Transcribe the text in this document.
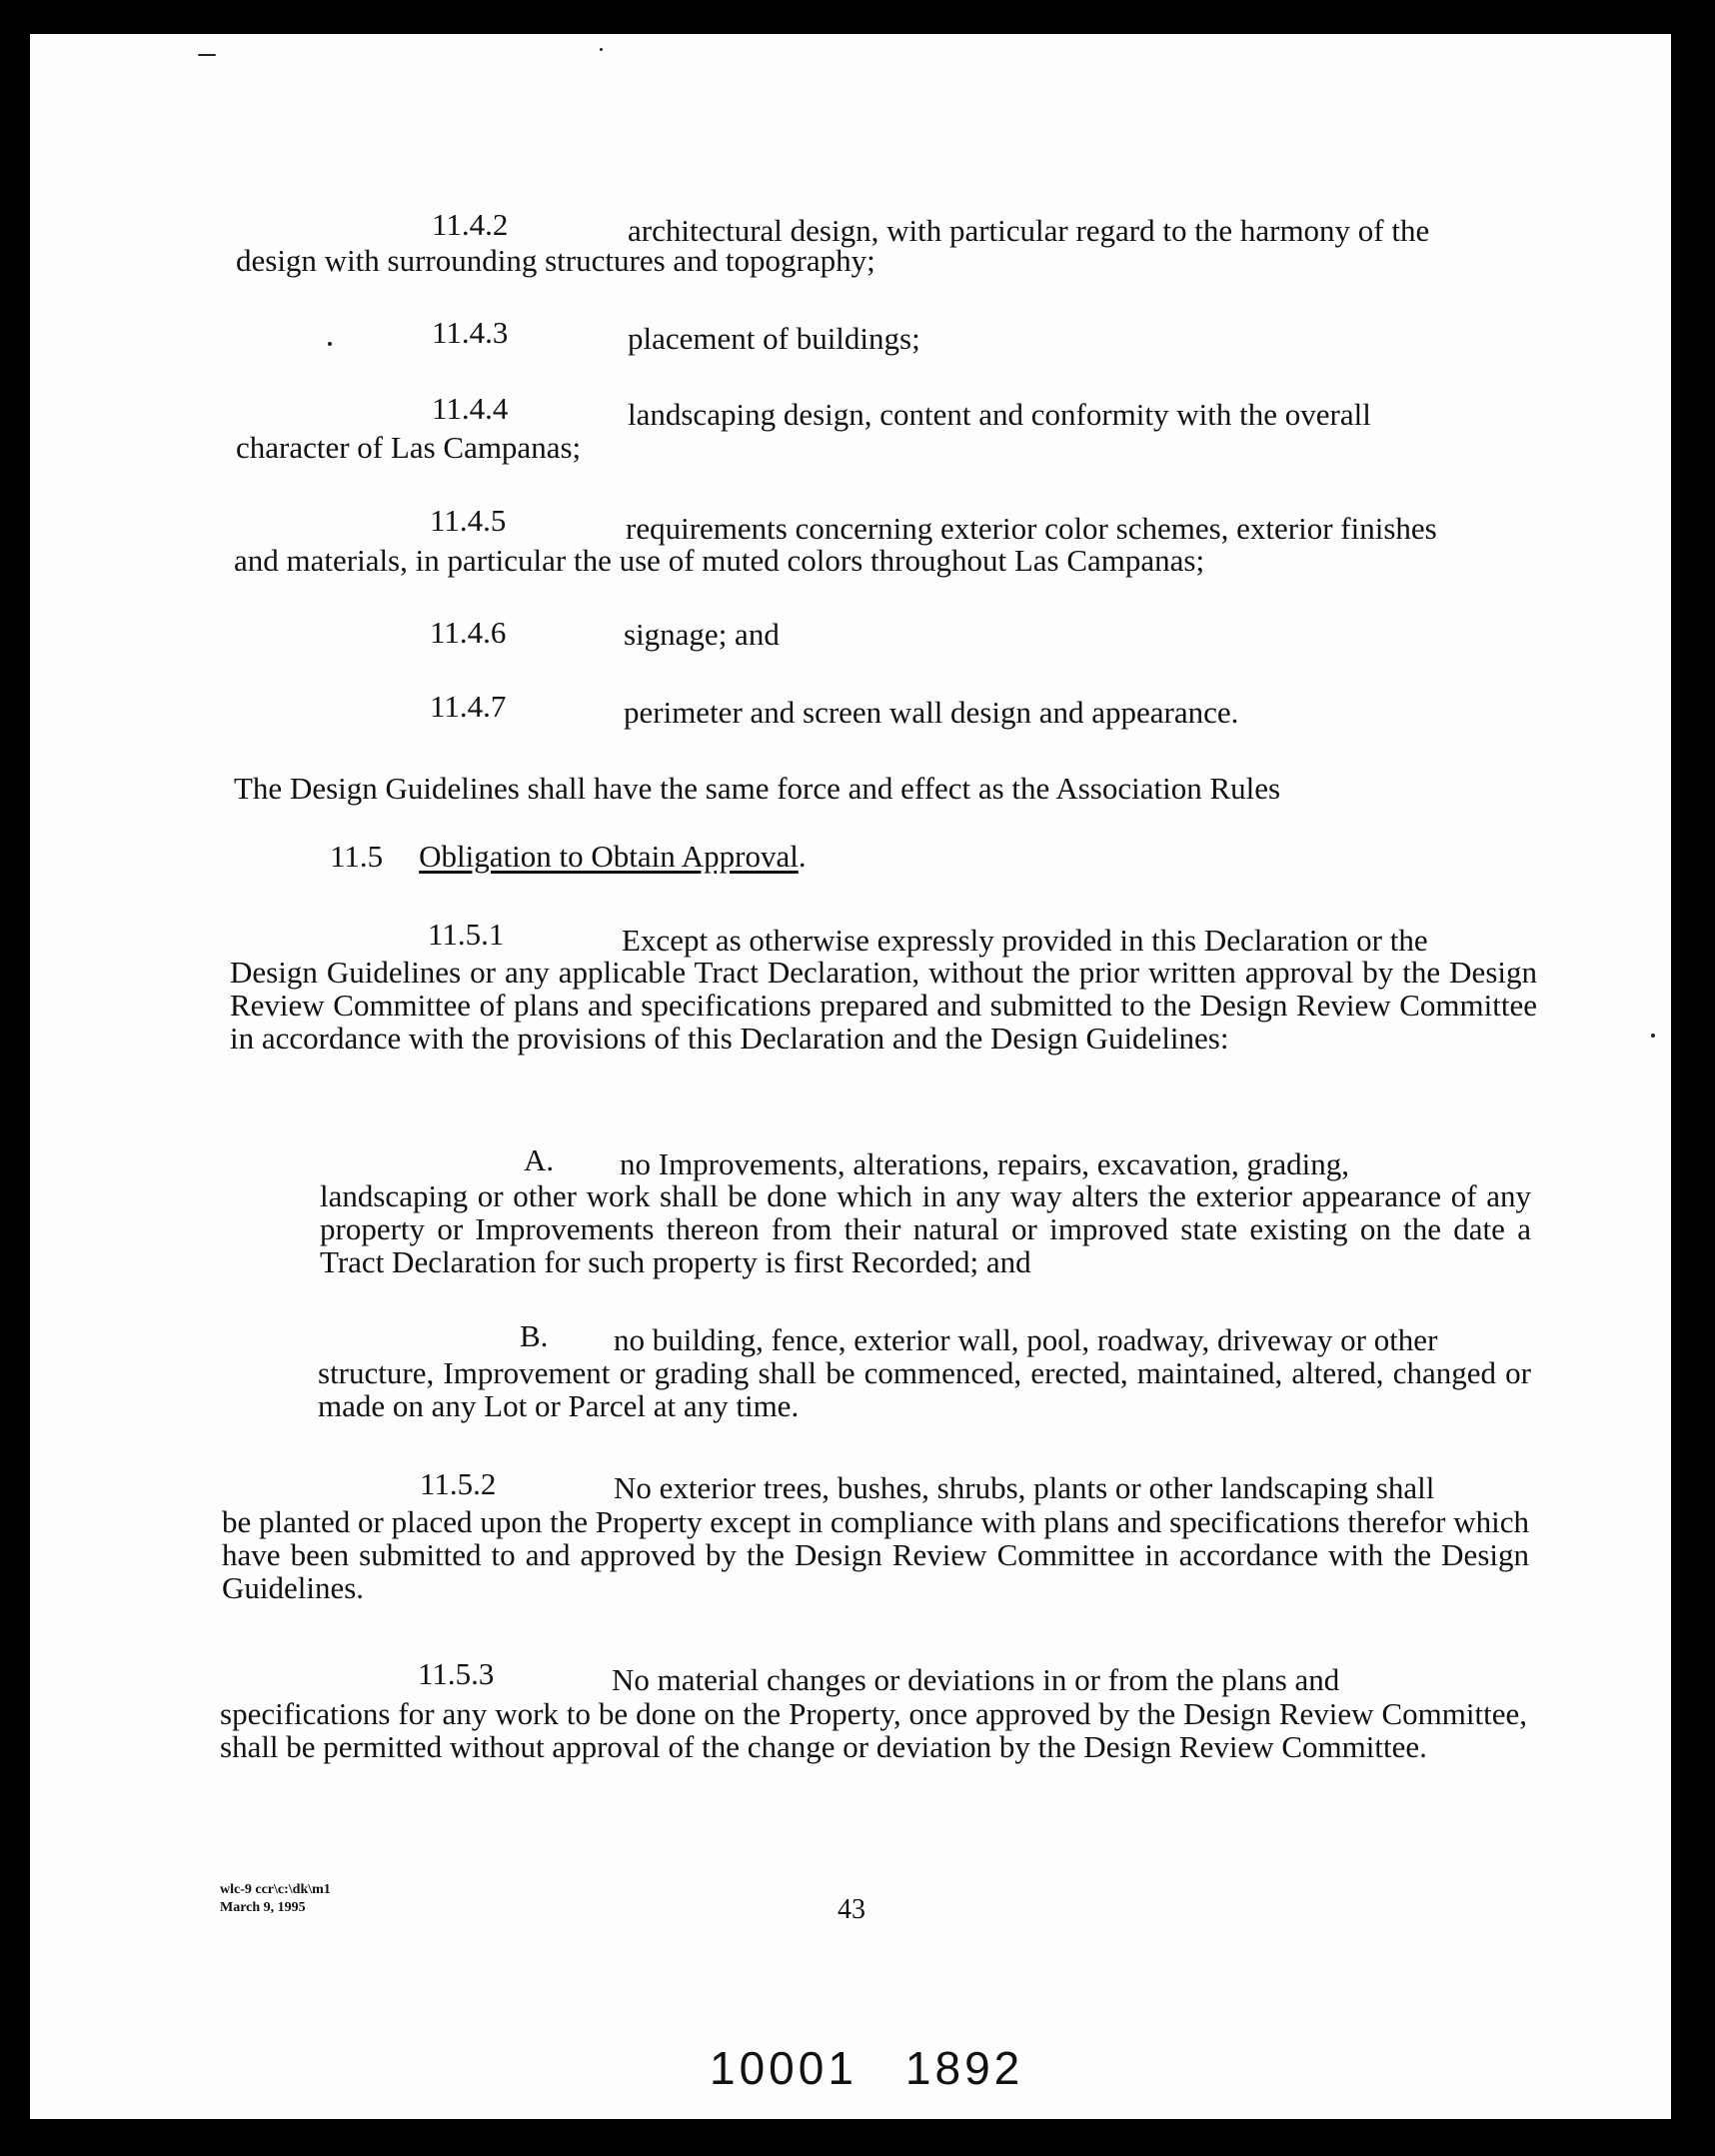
11.4.2	architectural design, with particular regard to the harmony of the
design with surrounding structures and topography;
11.4.3	placement of buildings;
11.4.4	landscaping design, content and conformity with the overall
character of Las Campanas;
11.4.5	requirements concerning exterior color schemes, exterior finishes
and materials, in particular the use of muted colors throughout Las Campanas;
11.4.6	signage; and
11.4.7	perimeter and screen wall design and appearance.
The Design Guidelines shall have the same force and effect as the Association Rules
11.5 Obligation to Obtain Approval.
11.5.1	Except as otherwise expressly provided in this Declaration or the
Design Guidelines or any applicable Tract Declaration, without the prior written approval by the Design Review Committee of plans and specifications prepared and submitted to the Design Review Committee in accordance with the provisions of this Declaration and the Design Guidelines:
A. no Improvements, alterations, repairs, excavation, grading,
landscaping or other work shall be done which in any way alters the exterior appearance of any property or Improvements thereon from their natural or improved state existing on the date a Tract Declaration for such property is first Recorded; and
B. no building, fence, exterior wall, pool, roadway, driveway or other
structure, Improvement or grading shall be commenced, erected, maintained, altered, changed or made on any Lot or Parcel at any time.
11.5.2	No exterior trees, bushes, shrubs, plants or other landscaping shall
be planted or placed upon the Property except in compliance with plans and specifications therefor which have been submitted to and approved by the Design Review Committee in accordance with the Design Guidelines.
11.5.3	No material changes or deviations in or from the plans and
specifications for any work to be done on the Property, once approved by the Design Review Committee, shall be permitted without approval of the change or deviation by the Design Review Committee.
wlc-9 ccr\c:\dk\m1
March 9, 1995	43
10001 1892
